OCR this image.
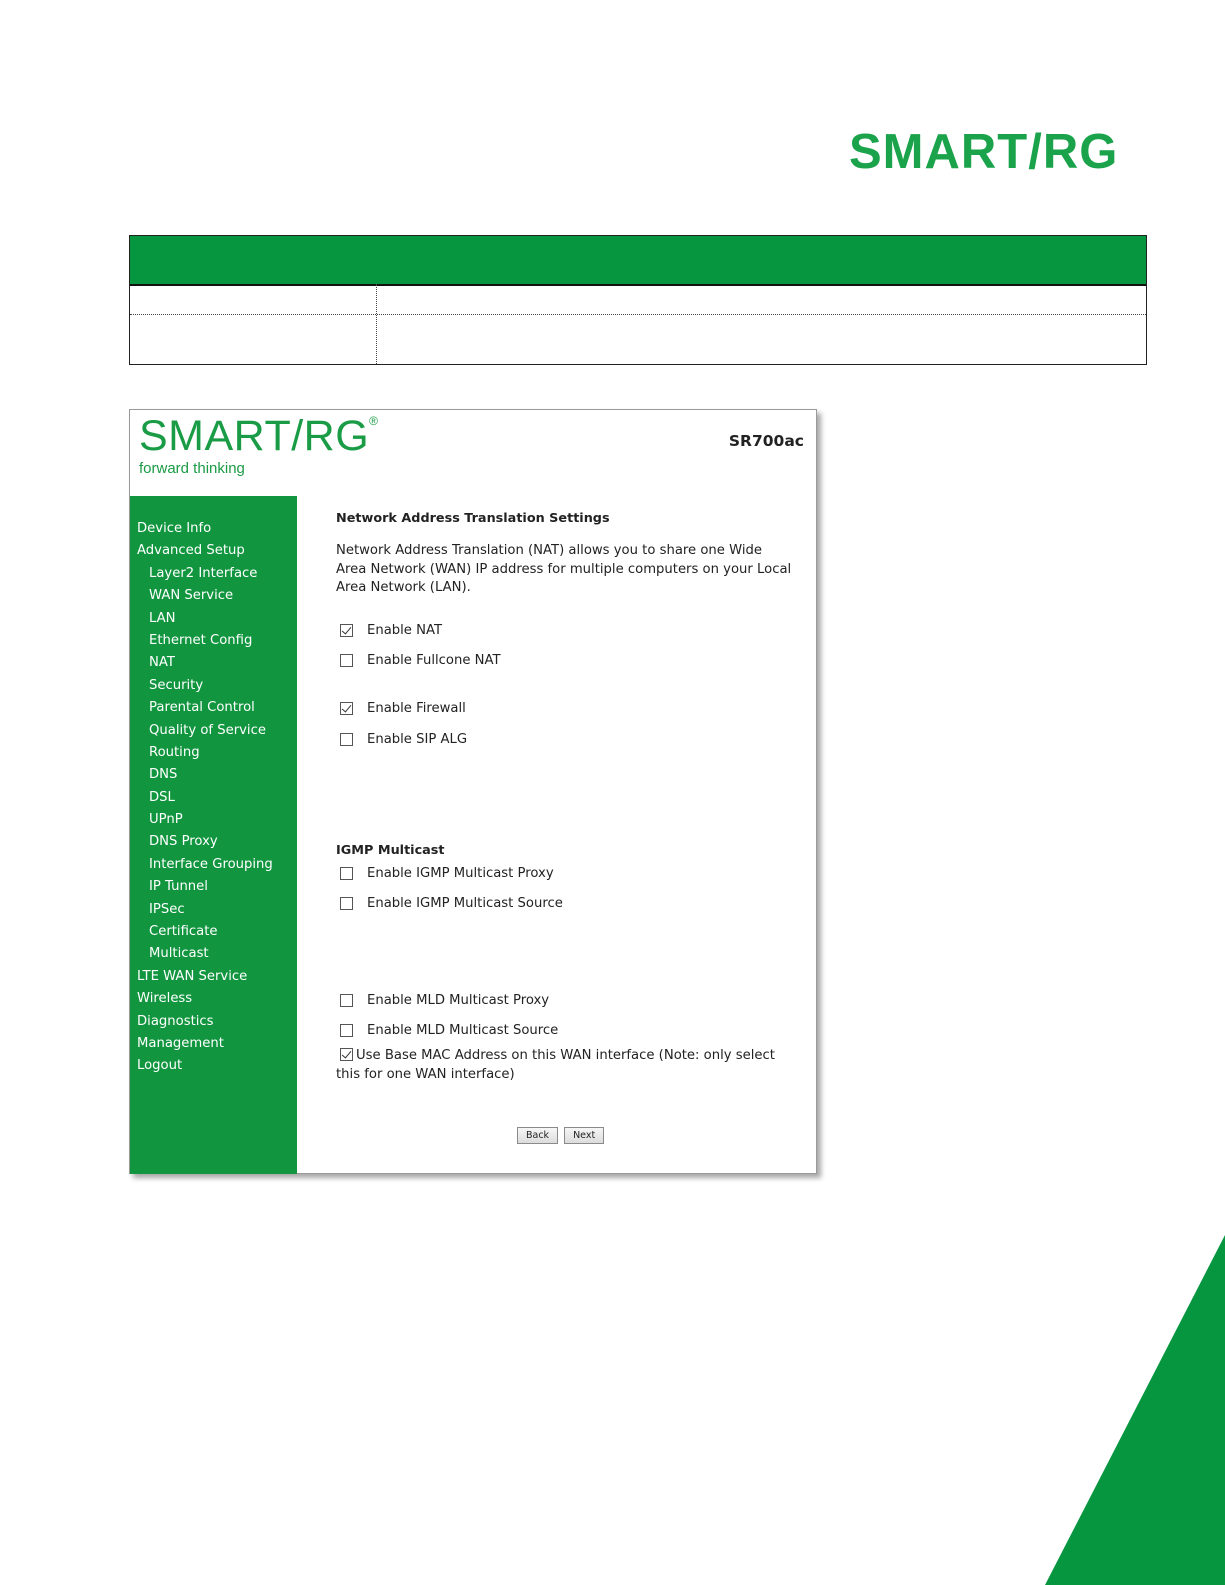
SMART/RG
SMART/RG®
forward thinking
SR700ac
Device Info
Advanced Setup
Layer2 Interface
WAN Service
LAN
Ethernet Config
NAT
Security
Parental Control
Quality of Service
Routing
DNS
DSL
UPnP
DNS Proxy
Interface Grouping
IP Tunnel
IPSec
Certificate
Multicast
LTE WAN Service
Wireless
Diagnostics
Management
Logout
Network Address Translation Settings
Network Address Translation (NAT) allows you to share one Wide Area Network (WAN) IP address for multiple computers on your Local Area Network (LAN).
Enable NAT
Enable Fullcone NAT
Enable Firewall
Enable SIP ALG
IGMP Multicast
Enable IGMP Multicast Proxy
Enable IGMP Multicast Source
Enable MLD Multicast Proxy
Enable MLD Multicast Source
Use Base MAC Address on this WAN interface (Note: only select this for one WAN interface)
Back	Next
